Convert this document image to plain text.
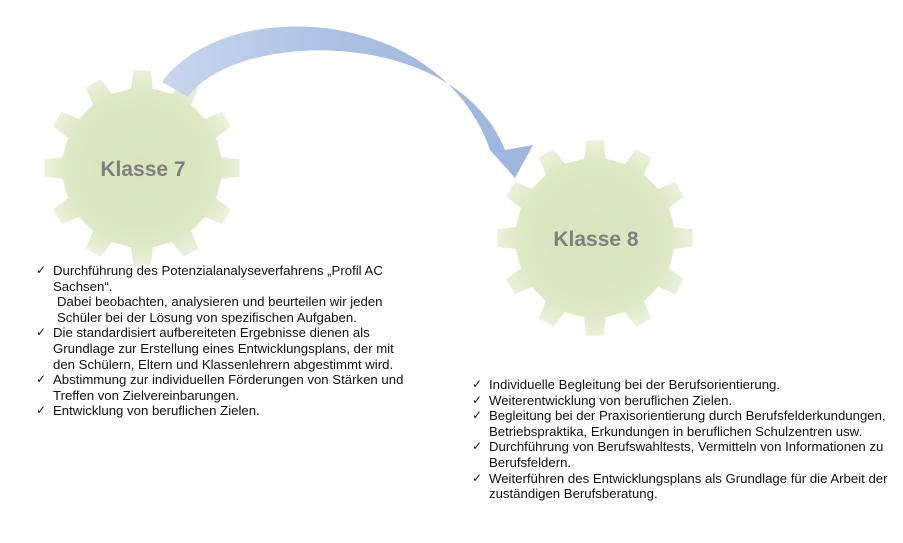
Klasse 7
Klasse 8
✓ Durchführung des Potenzialanalyseverfahrens „Profil AC Sachsen“.
Dabei beobachten, analysieren und beurteilen wir jeden Schüler bei der Lösung von spezifischen Aufgaben.
✓ Die standardisiert aufbereiteten Ergebnisse dienen als Grundlage zur Erstellung eines Entwicklungsplans, der mit den Schülern, Eltern und Klassenlehrern abgestimmt wird.
✓ Abstimmung zur individuellen Förderungen von Stärken und Treffen von Zielvereinbarungen.
✓ Entwicklung von beruflichen Zielen.
✓ Individuelle Begleitung bei der Berufsorientierung.
✓ Weiterentwicklung von beruflichen Zielen.
✓ Begleitung bei der Praxisorientierung durch Berufsfelderkundungen, Betriebspraktika, Erkundungen in beruflichen Schulzentren usw.
✓ Durchführung von Berufswahltests, Vermitteln von Informationen zu Berufsfeldern.
✓ Weiterführen des Entwicklungsplans als Grundlage für die Arbeit der zuständigen Berufsberatung.
